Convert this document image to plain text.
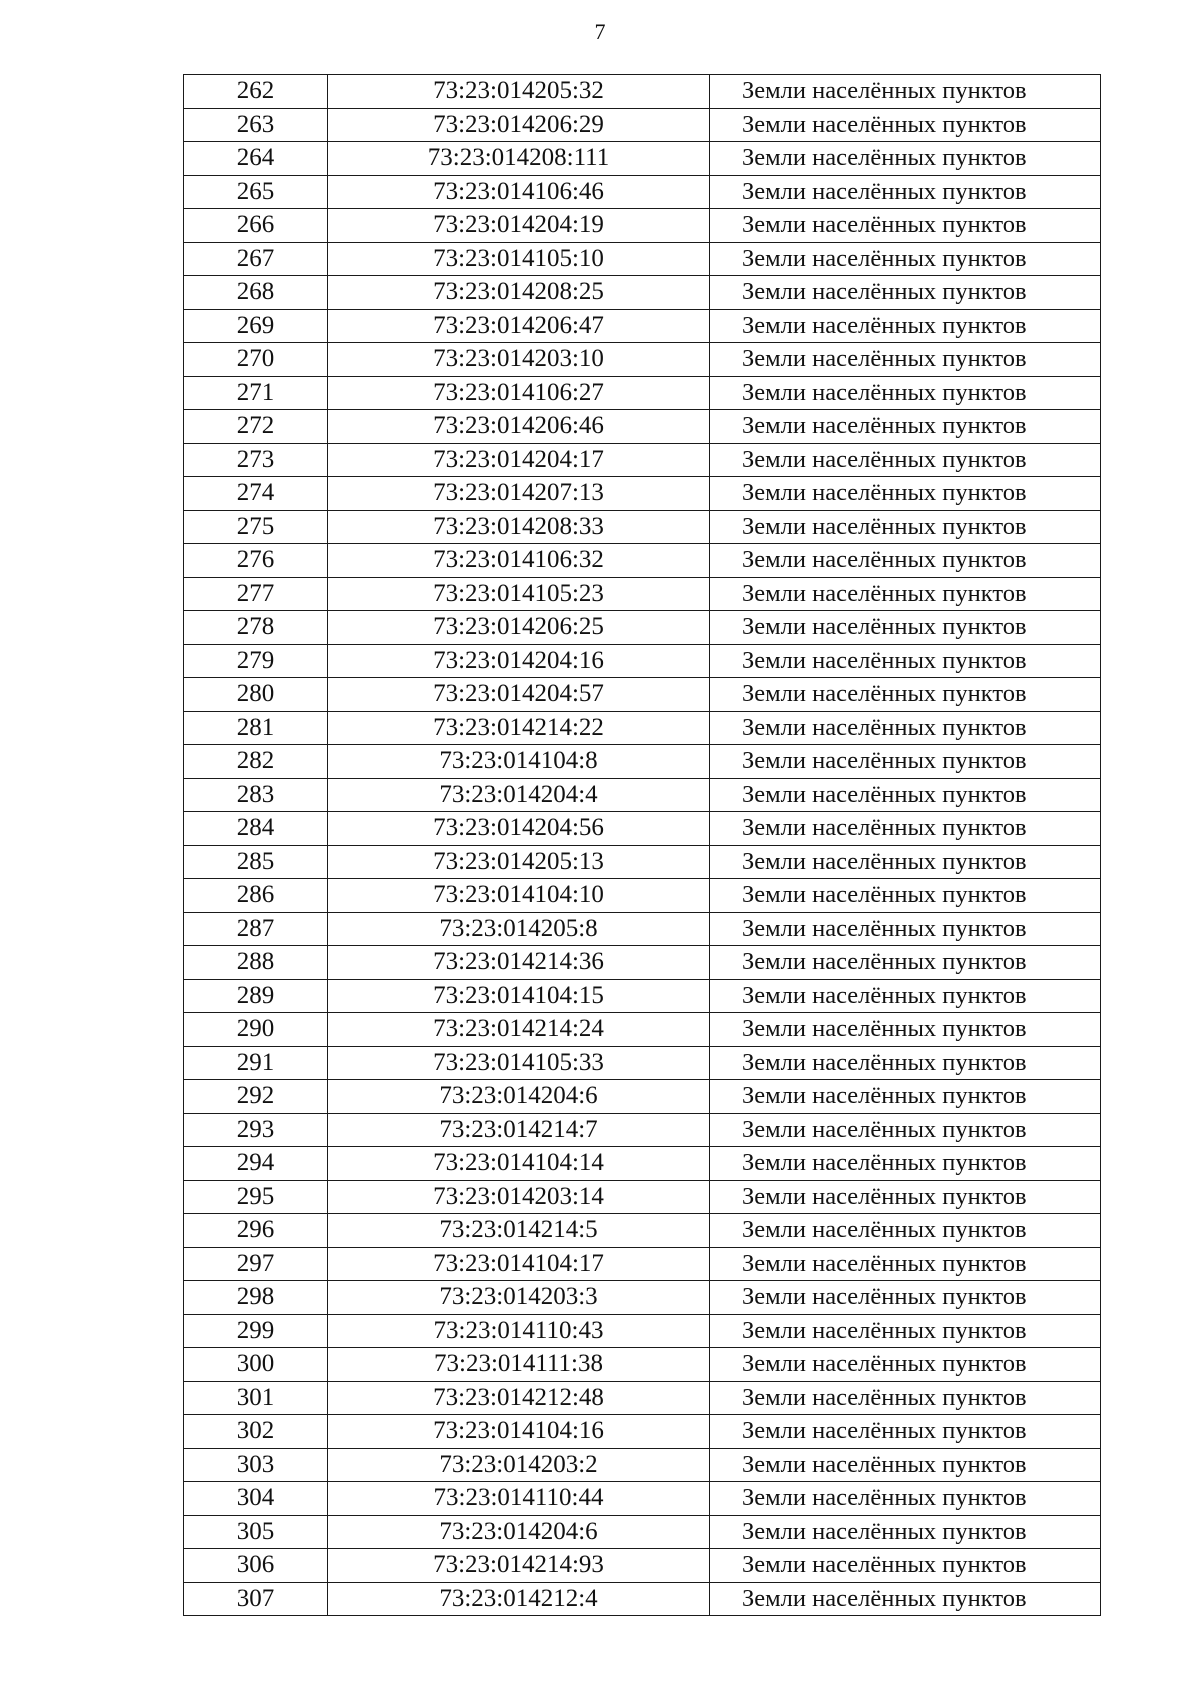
7
262	73:23:014205:32	Земли населённых пунктов
263	73:23:014206:29	Земли населённых пунктов
264	73:23:014208:111	Земли населённых пунктов
265	73:23:014106:46	Земли населённых пунктов
266	73:23:014204:19	Земли населённых пунктов
267	73:23:014105:10	Земли населённых пунктов
268	73:23:014208:25	Земли населённых пунктов
269	73:23:014206:47	Земли населённых пунктов
270	73:23:014203:10	Земли населённых пунктов
271	73:23:014106:27	Земли населённых пунктов
272	73:23:014206:46	Земли населённых пунктов
273	73:23:014204:17	Земли населённых пунктов
274	73:23:014207:13	Земли населённых пунктов
275	73:23:014208:33	Земли населённых пунктов
276	73:23:014106:32	Земли населённых пунктов
277	73:23:014105:23	Земли населённых пунктов
278	73:23:014206:25	Земли населённых пунктов
279	73:23:014204:16	Земли населённых пунктов
280	73:23:014204:57	Земли населённых пунктов
281	73:23:014214:22	Земли населённых пунктов
282	73:23:014104:8	Земли населённых пунктов
283	73:23:014204:4	Земли населённых пунктов
284	73:23:014204:56	Земли населённых пунктов
285	73:23:014205:13	Земли населённых пунктов
286	73:23:014104:10	Земли населённых пунктов
287	73:23:014205:8	Земли населённых пунктов
288	73:23:014214:36	Земли населённых пунктов
289	73:23:014104:15	Земли населённых пунктов
290	73:23:014214:24	Земли населённых пунктов
291	73:23:014105:33	Земли населённых пунктов
292	73:23:014204:6	Земли населённых пунктов
293	73:23:014214:7	Земли населённых пунктов
294	73:23:014104:14	Земли населённых пунктов
295	73:23:014203:14	Земли населённых пунктов
296	73:23:014214:5	Земли населённых пунктов
297	73:23:014104:17	Земли населённых пунктов
298	73:23:014203:3	Земли населённых пунктов
299	73:23:014110:43	Земли населённых пунктов
300	73:23:014111:38	Земли населённых пунктов
301	73:23:014212:48	Земли населённых пунктов
302	73:23:014104:16	Земли населённых пунктов
303	73:23:014203:2	Земли населённых пунктов
304	73:23:014110:44	Земли населённых пунктов
305	73:23:014204:6	Земли населённых пунктов
306	73:23:014214:93	Земли населённых пунктов
307	73:23:014212:4	Земли населённых пунктов
